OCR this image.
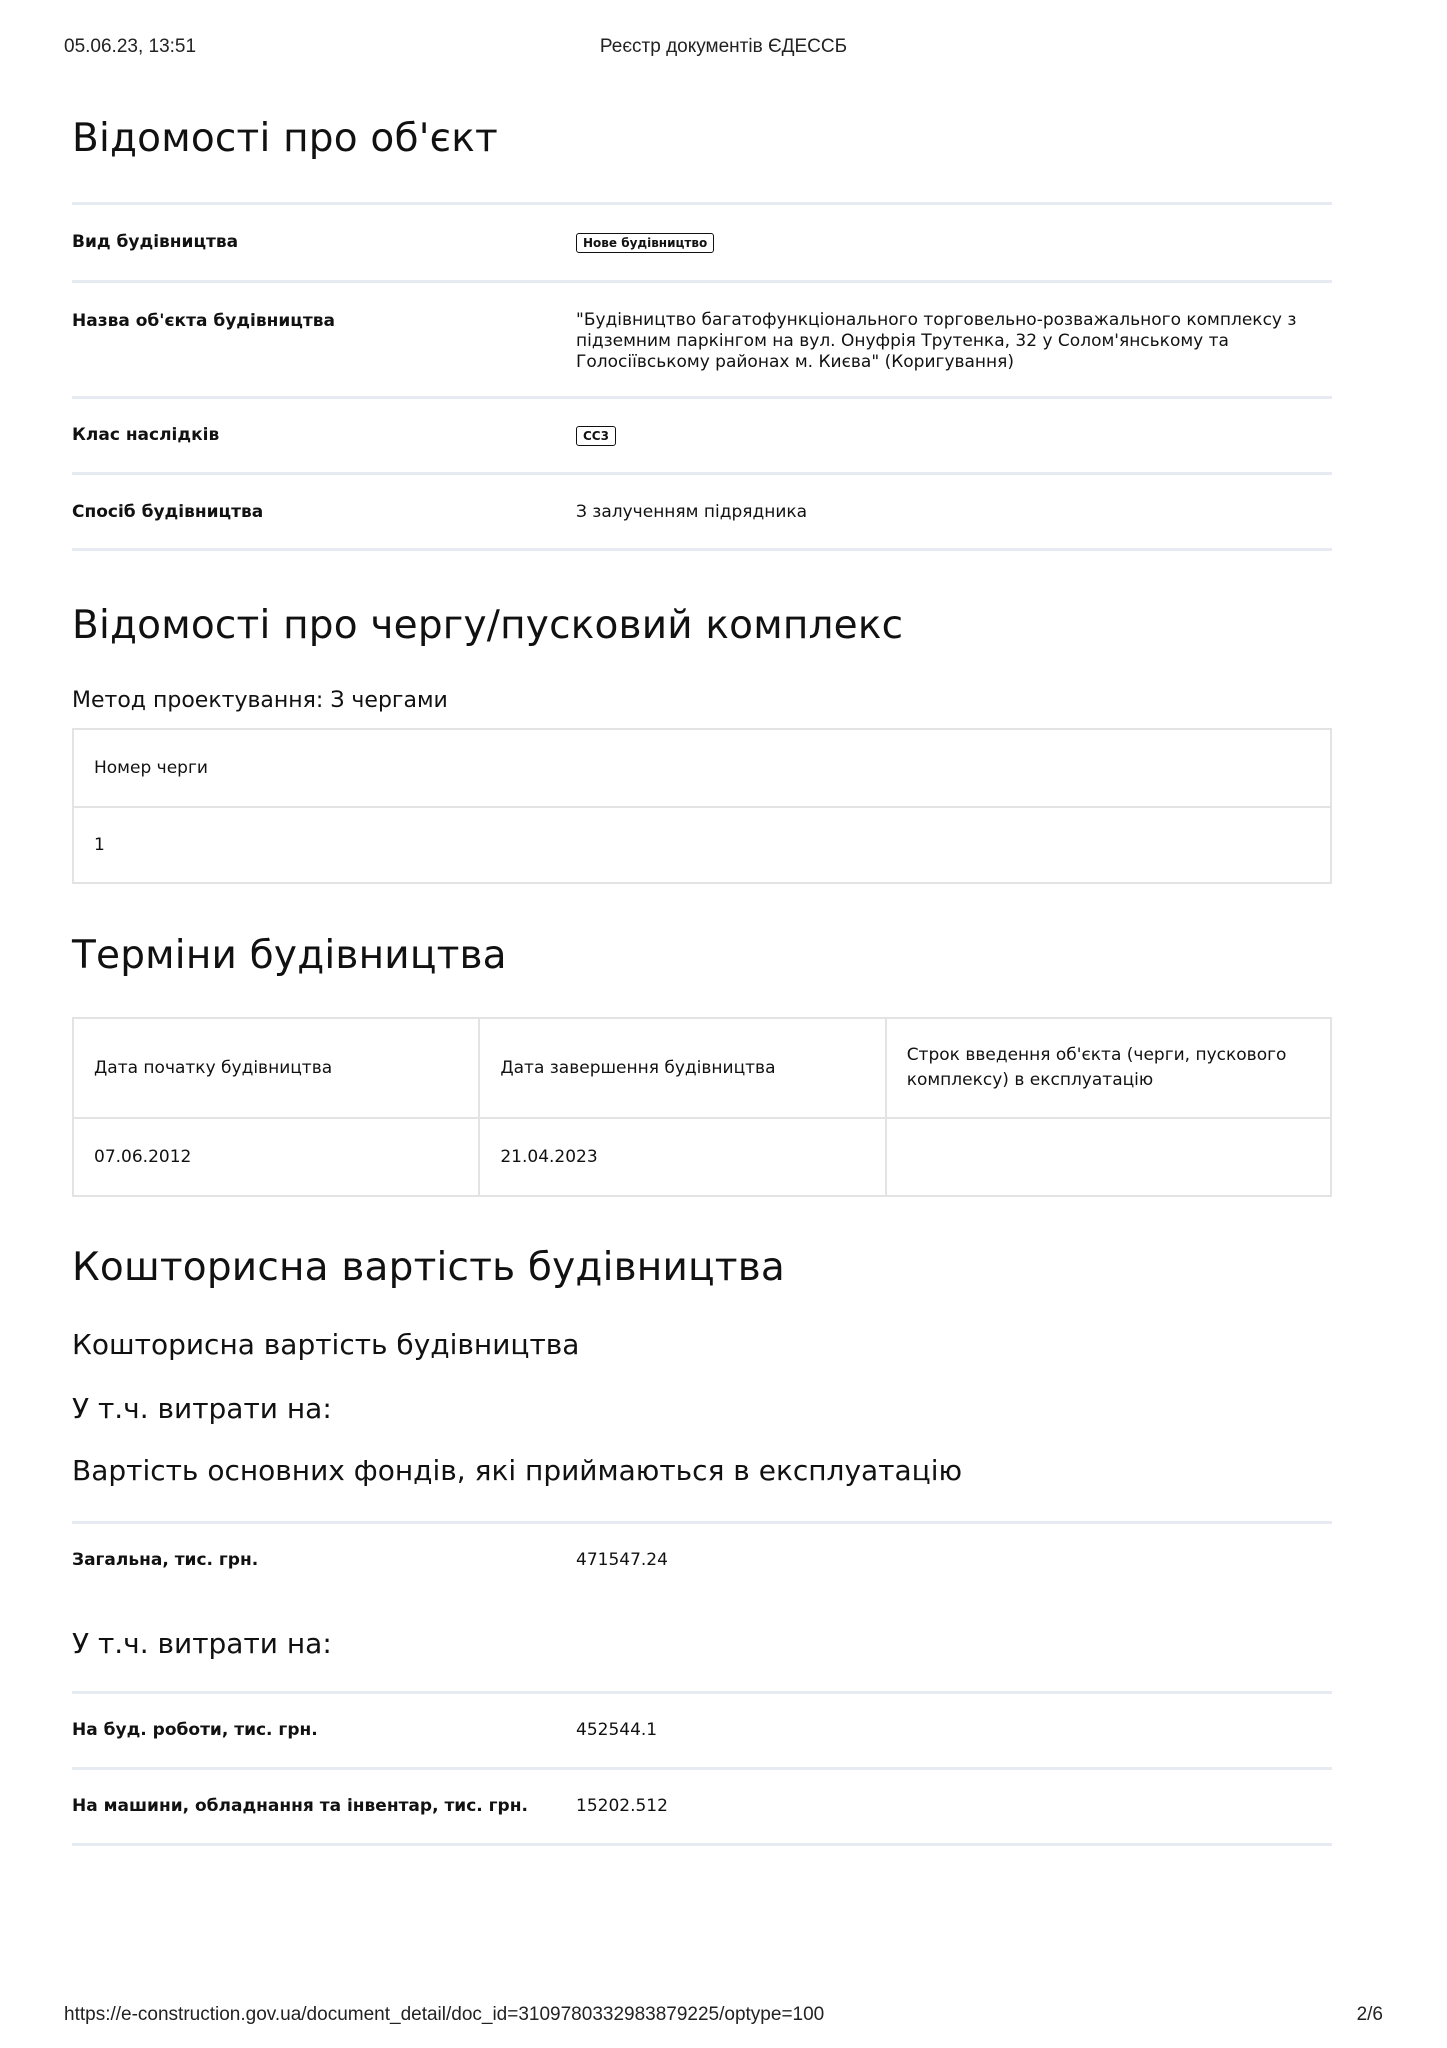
05.06.23, 13:51	Реєстр документів ЄДЕССБ
Відомості про об'єкт
Вид будівництва	Нове будівництво
Назва об'єкта будівництва	"Будівництво багатофункціонального торговельно-розважального комплексу з підземним паркінгом на вул. Онуфрія Трутенка, 32 у Солом'янському та Голосіївському районах м. Києва" (Коригування)
Клас наслідків	СС3
Спосіб будівництва	З залученням підрядника
Відомості про чергу/пусковий комплекс
Метод проектування: З чергами
Номер черги
1
Терміни будівництва
Дата початку будівництва	Дата завершення будівництва	Строк введення об'єкта (черги, пускового комплексу) в експлуатацію
07.06.2012	21.04.2023	
Кошторисна вартість будівництва
Кошторисна вартість будівництва
У т.ч. витрати на:
Вартість основних фондів, які приймаються в експлуатацію
Загальна, тис. грн.	471547.24
У т.ч. витрати на:
На буд. роботи, тис. грн.	452544.1
На машини, обладнання та інвентар, тис. грн.	15202.512
https://e-construction.gov.ua/document_detail/doc_id=3109780332983879225/optype=100	2/6
